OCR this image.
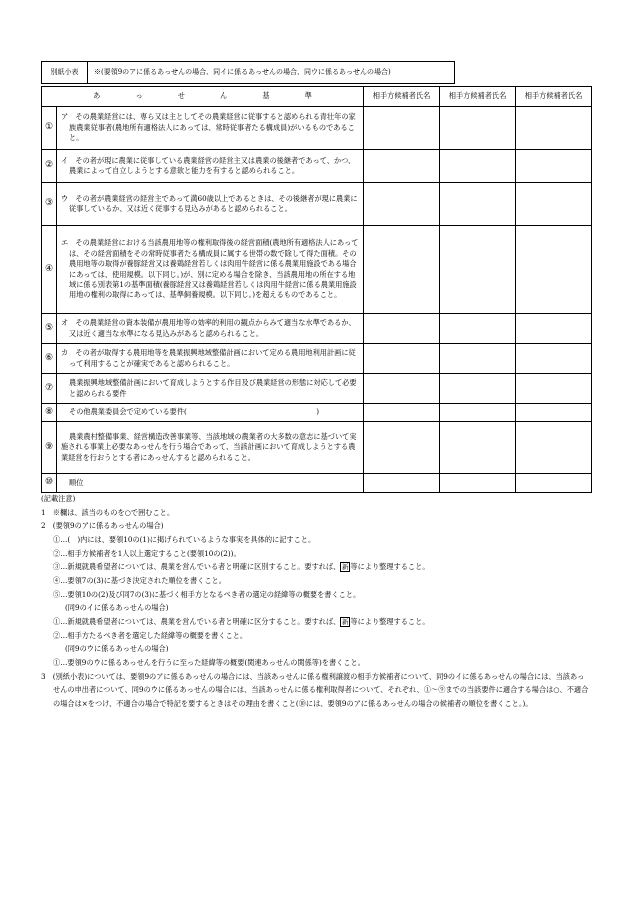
別紙小表	※(要領9のアに係るあっせんの場合、同イに係るあっせんの場合、同ウに係るあっせんの場合)
あ っ せ ん 基 準		相手方候補者氏名	相手方候補者氏名	相手方候補者氏名
①	ア　 その農業経営には、専ら又は主としてその農業経営に従事すると認められる青壮年の家族農業従事者(農地所有適格法人にあっては、常時従事者たる構成員)がいるものであること。			

②	イ　 その者が現に農業に従事している農業経営の経営主又は農業の後継者であって、かつ、農業によって自立しようとする意欲と能力を有すると認められること。			

③	ウ　 その者が農業経営の経営主であって満60歳以上であるときは、その後継者が現に農業に従事しているか、又は近く従事する見込みがあると認められること。			

④	エ　 その農業経営における当該農用地等の権利取得後の経営面積(農地所有適格法人にあっては、その経営面積をその常時従事者たる構成員に属する世帯の数で除して得た面積。その農用地等の取得が養豚経営又は養鶏経営若しくは肉用牛経営に係る農業用施設である場合にあっては、使用規模。以下同じ。)が、別に定める場合を除き、当該農用地の所在する地域に係る別表第1の基準面積(養豚経営又は養鶏経営若しくは肉用牛経営に係る農業用施設用地の権利の取得にあっては、基準飼養規模。以下同じ。)を超えるものであること。			

⑤	オ　 その農業経営の資本装備が農用地等の効率的利用の観点からみて適当な水準であるか、又は近く適当な水準になる見込みがあると認められること。			

⑥	カ　 その者が取得する農用地等を農業振興地域整備計画において定める農用地利用計画に従って利用することが確実であると認められること。			

⑦	農業振興地域整備計画において育成しようとする作目及び農業経営の形態に対応して必要と認められる要件			

⑧	その他農業委員会で定めている要件( )			

⑨	農業農村整備事業、経営構造改善事業等、当該地域の農業者の大多数の意志に基づいて実施される事業上必要なあっせんを行う場合であって、当該計画において育成しようとする農業経営を行おうとする者にあっせんすると認められること。			

⑩	順位			

(記載注意)

1　※欄は、該当のものを○で囲むこと。

2　(要領9のアに係るあっせんの場合)

①…(　)内には、要領10の(1)に掲げられているような事実を具体的に記すこと。

②…相手方候補者を1人以上選定すること(要領10の(2))。

③…新規就農希望者については、農業を営んでいる者と明確に区別すること。要すれば、 新 等により整理すること。

④…要領7の(3)に基づき決定された順位を書くこと。

⑤…要領10の(2)及び同7の(3)に基づく相手方となるべき者の選定の経緯等の概要を書くこと。

(同9のイに係るあっせんの場合)

①…新規就農希望者については、農業を営んでいる者と明確に区分すること。要すれば、 新 等により整理すること。

②…相手方たるべき者を選定した経緯等の概要を書くこと。

(同9のウに係るあっせんの場合)

①…要領9のウに係るあっせんを行うに至った経緯等の概要(関連あっせんの関係等)を書くこと。

3　(別紙小表)については、要領9のアに係るあっせんの場合には、当該あっせんに係る権利譲渡の相手方候補者について、同9のイに係るあっせんの場合には、当該あっせんの申出者について、同9のウに係るあっせんの場合には、当該あっせんに係る権利取得者について、それぞれ、①～⑨までの当該要件に適合する場合は○、不適合の場合は×をつけ、不適合の場合で特記を要するときはその理由を書くこと(⑩には、要領9のアに係るあっせんの場合の候補者の順位を書くこと。)。
